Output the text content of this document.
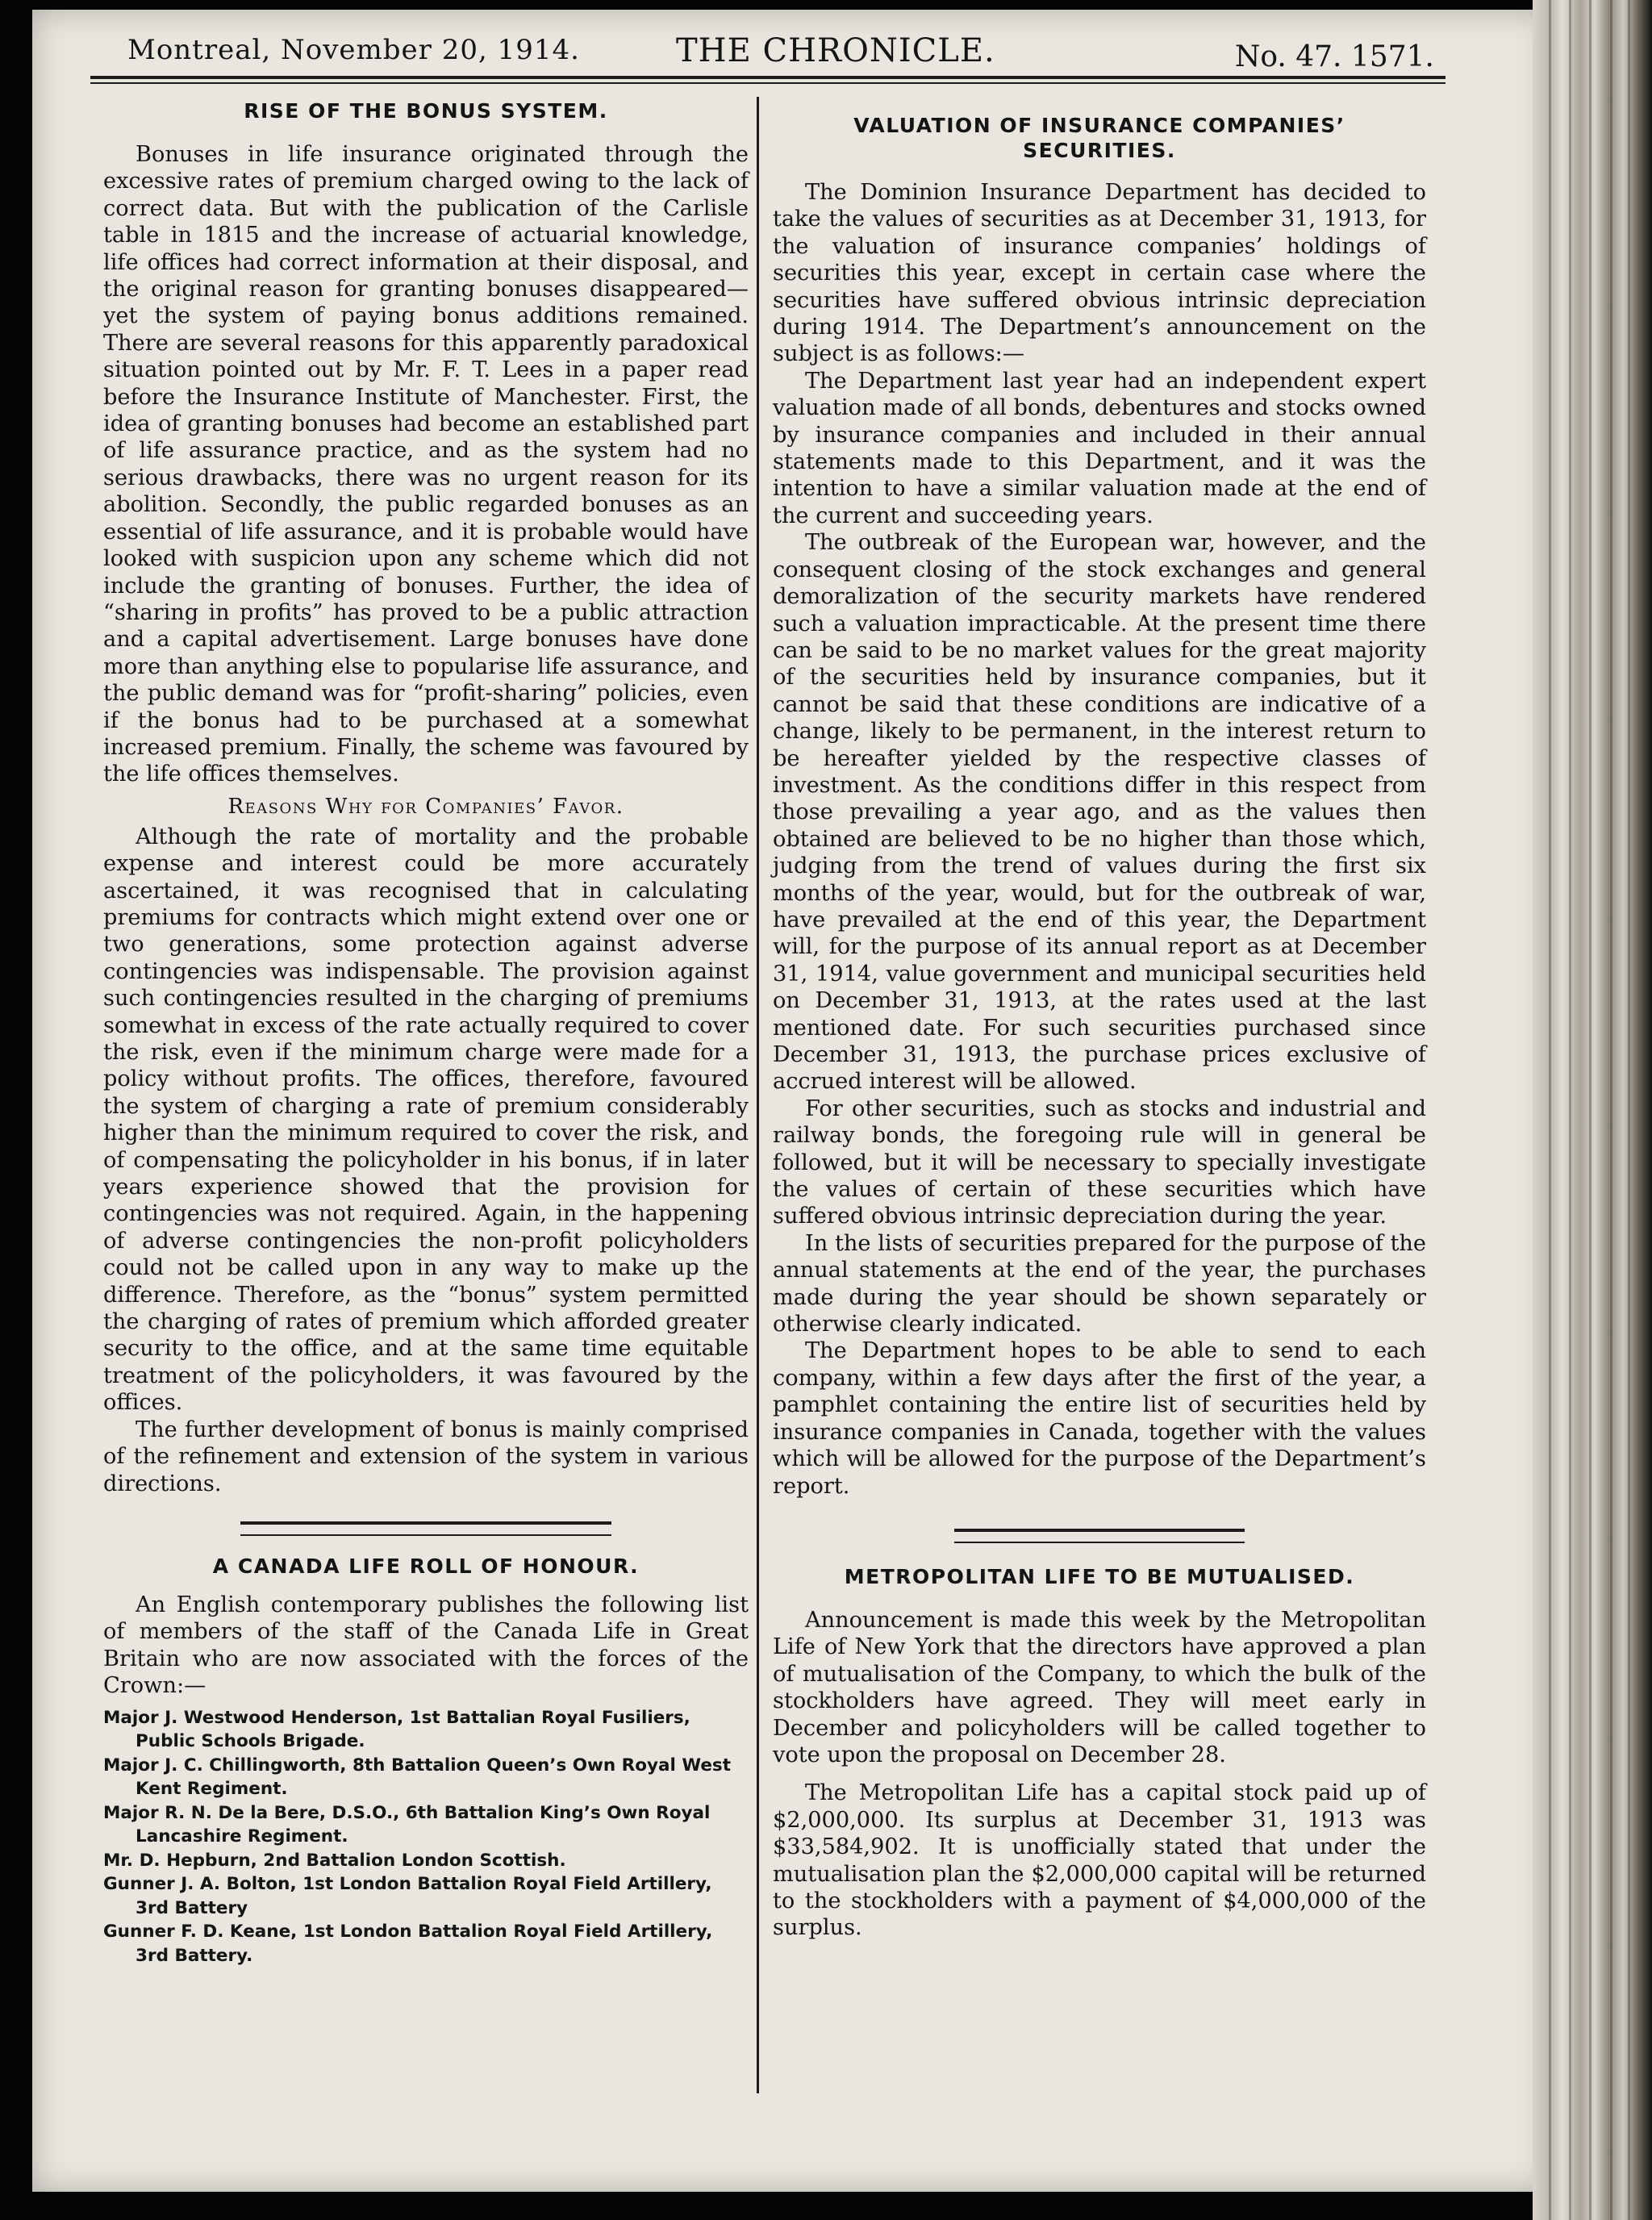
Montreal, November 20, 1914.	THE CHRONICLE.	No. 47. 1571.
RISE OF THE BONUS SYSTEM.

Bonuses in life insurance originated through the excessive rates of premium charged owing to the lack of correct data. But with the publication of the Carlisle table in 1815 and the increase of actuarial knowledge, life offices had correct information at their disposal, and the original reason for granting bonuses disappeared— yet the system of paying bonus additions remained. There are several reasons for this apparently paradoxical situation pointed out by Mr. F. T. Lees in a paper read before the Insurance Institute of Manchester. First, the idea of granting bonuses had become an established part of life assurance practice, and as the system had no serious drawbacks, there was no urgent reason for its abolition. Secondly, the public regarded bonuses as an essential of life assurance, and it is probable would have looked with suspicion upon any scheme which did not include the granting of bonuses. Further, the idea of “sharing in profits” has proved to be a public attraction and a capital advertisement. Large bonuses have done more than anything else to popularise life assurance, and the public demand was for “profit-sharing” policies, even if the bonus had to be purchased at a somewhat increased premium. Finally, the scheme was favoured by the life offices themselves.

Reasons Why for Companies’ Favor.

Although the rate of mortality and the probable expense and interest could be more accurately ascertained, it was recognised that in calculating premiums for contracts which might extend over one or two generations, some protection against adverse contingencies was indispensable. The provision against such contingencies resulted in the charging of premiums somewhat in excess of the rate actually required to cover the risk, even if the minimum charge were made for a policy without profits. The offices, therefore, favoured the system of charging a rate of premium considerably higher than the minimum required to cover the risk, and of compensating the policyholder in his bonus, if in later years experience showed that the provision for contingencies was not required. Again, in the happening of adverse contingencies the non-profit policyholders could not be called upon in any way to make up the difference. Therefore, as the “bonus” system permitted the charging of rates of premium which afforded greater security to the office, and at the same time equitable treatment of the policyholders, it was favoured by the offices.

The further development of bonus is mainly comprised of the refinement and extension of the system in various directions.

A CANADA LIFE ROLL OF HONOUR.

An English contemporary publishes the following list of members of the staff of the Canada Life in Great Britain who are now associated with the forces of the Crown:—

Major J. Westwood Henderson, 1st Battalian Royal Fusiliers, Public Schools Brigade.
Major J. C. Chillingworth, 8th Battalion Queen’s Own Royal West Kent Regiment.
Major R. N. De la Bere, D.S.O., 6th Battalion King’s Own Royal Lancashire Regiment.
Mr. D. Hepburn, 2nd Battalion London Scottish.
Gunner J. A. Bolton, 1st London Battalion Royal Field Artillery, 3rd Battery
Gunner F. D. Keane, 1st London Battalion Royal Field Artillery, 3rd Battery.
VALUATION OF INSURANCE COMPANIES’
SECURITIES.

The Dominion Insurance Department has decided to take the values of securities as at December 31, 1913, for the valuation of insurance companies’ holdings of securities this year, except in certain case where the securities have suffered obvious intrinsic depreciation during 1914. The Department’s announcement on the subject is as follows:—

The Department last year had an independent expert valuation made of all bonds, debentures and stocks owned by insurance companies and included in their annual statements made to this Department, and it was the intention to have a similar valuation made at the end of the current and succeeding years.

The outbreak of the European war, however, and the consequent closing of the stock exchanges and general demoralization of the security markets have rendered such a valuation impracticable. At the present time there can be said to be no market values for the great majority of the securities held by insurance companies, but it cannot be said that these conditions are indicative of a change, likely to be permanent, in the interest return to be hereafter yielded by the respective classes of investment. As the conditions differ in this respect from those prevailing a year ago, and as the values then obtained are believed to be no higher than those which, judging from the trend of values during the first six months of the year, would, but for the outbreak of war, have prevailed at the end of this year, the Department will, for the purpose of its annual report as at December 31, 1914, value government and municipal securities held on December 31, 1913, at the rates used at the last mentioned date. For such securities purchased since December 31, 1913, the purchase prices exclusive of accrued interest will be allowed.

For other securities, such as stocks and industrial and railway bonds, the foregoing rule will in general be followed, but it will be necessary to specially investigate the values of certain of these securities which have suffered obvious intrinsic depreciation during the year.

In the lists of securities prepared for the purpose of the annual statements at the end of the year, the purchases made during the year should be shown separately or otherwise clearly indicated.

The Department hopes to be able to send to each company, within a few days after the first of the year, a pamphlet containing the entire list of securities held by insurance companies in Canada, together with the values which will be allowed for the purpose of the Department’s report.

METROPOLITAN LIFE TO BE MUTUALISED.

Announcement is made this week by the Metropolitan Life of New York that the directors have approved a plan of mutualisation of the Company, to which the bulk of the stockholders have agreed. They will meet early in December and policyholders will be called together to vote upon the proposal on December 28.

The Metropolitan Life has a capital stock paid up of $2,000,000. Its surplus at December 31, 1913 was $33,584,902. It is unofficially stated that under the mutualisation plan the $2,000,000 capital will be returned to the stockholders with a payment of $4,000,000 of the surplus.
